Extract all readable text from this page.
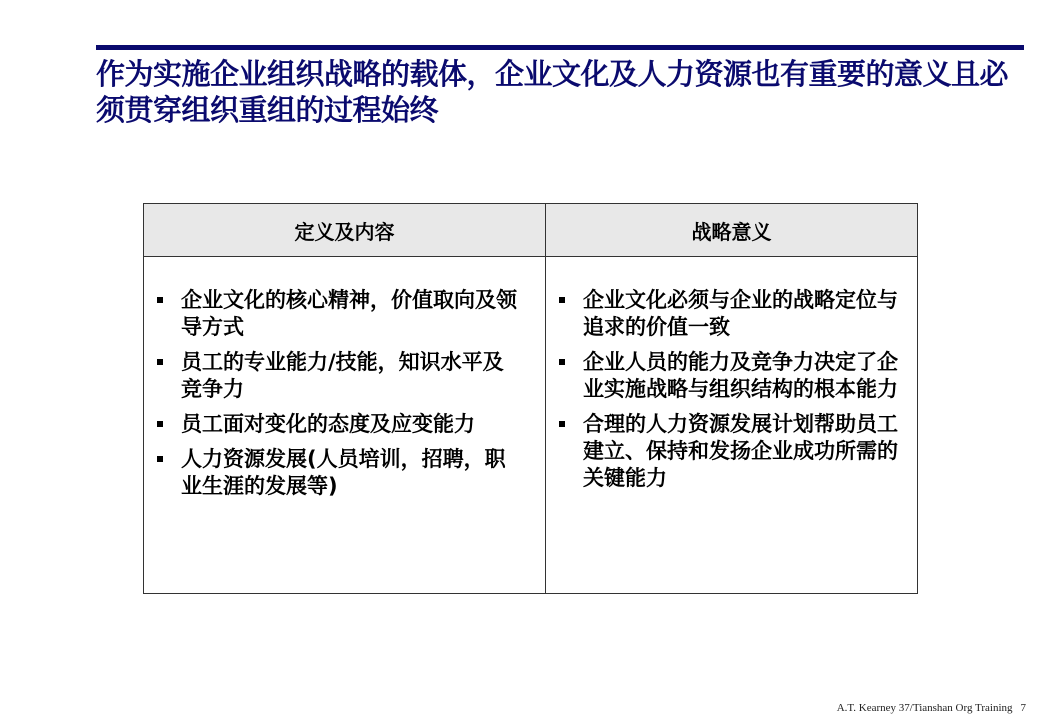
作为实施企业组织战略的载体，企业文化及人力资源也有重要的意义且必须贯穿组织重组的过程始终
定义及内容
企业文化的核心精神，价值取向及领导方式
员工的专业能力/技能，知识水平及竞争力
员工面对变化的态度及应变能力
人力资源发展(人员培训，招聘，职业生涯的发展等)
战略意义
企业文化必须与企业的战略定位与追求的价值一致
企业人员的能力及竞争力决定了企业实施战略与组织结构的根本能力
合理的人力资源发展计划帮助员工建立、保持和发扬企业成功所需的关键能力
A.T. Kearney 37/Tianshan Org Training 7
